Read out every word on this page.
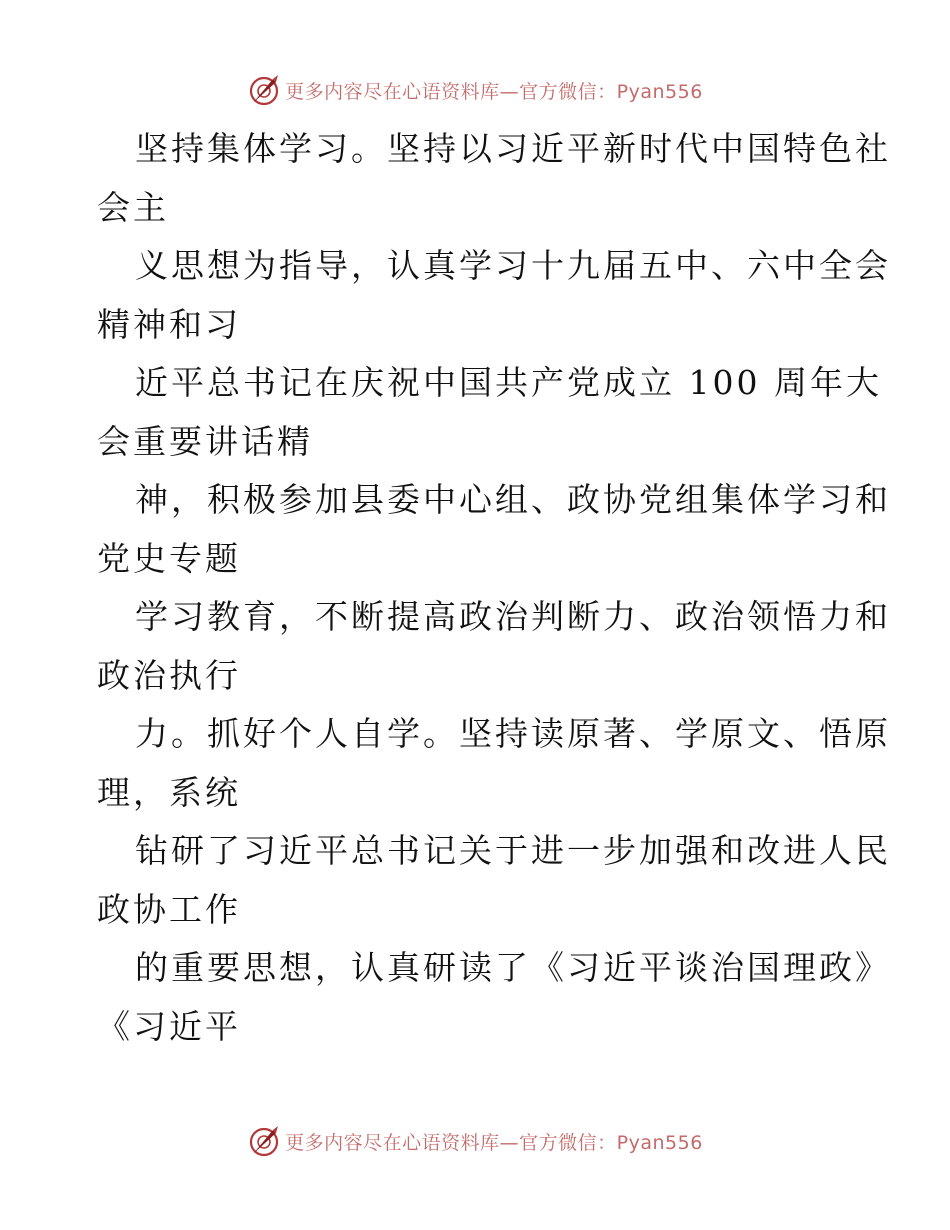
更多内容尽在心语资料库—官方微信：Pyan556
坚持集体学习。坚持以习近平新时代中国特色社
会主
义思想为指导，认真学习十九届五中、六中全会
精神和习
近平总书记在庆祝中国共产党成立 100 周年大
会重要讲话精
神，积极参加县委中心组、政协党组集体学习和
党史专题
学习教育，不断提高政治判断力、政治领悟力和
政治执行
力。抓好个人自学。坚持读原著、学原文、悟原
理，系统
钻研了习近平总书记关于进一步加强和改进人民
政协工作
的重要思想，认真研读了《习近平谈治国理政》
《习近平
更多内容尽在心语资料库—官方微信：Pyan556
